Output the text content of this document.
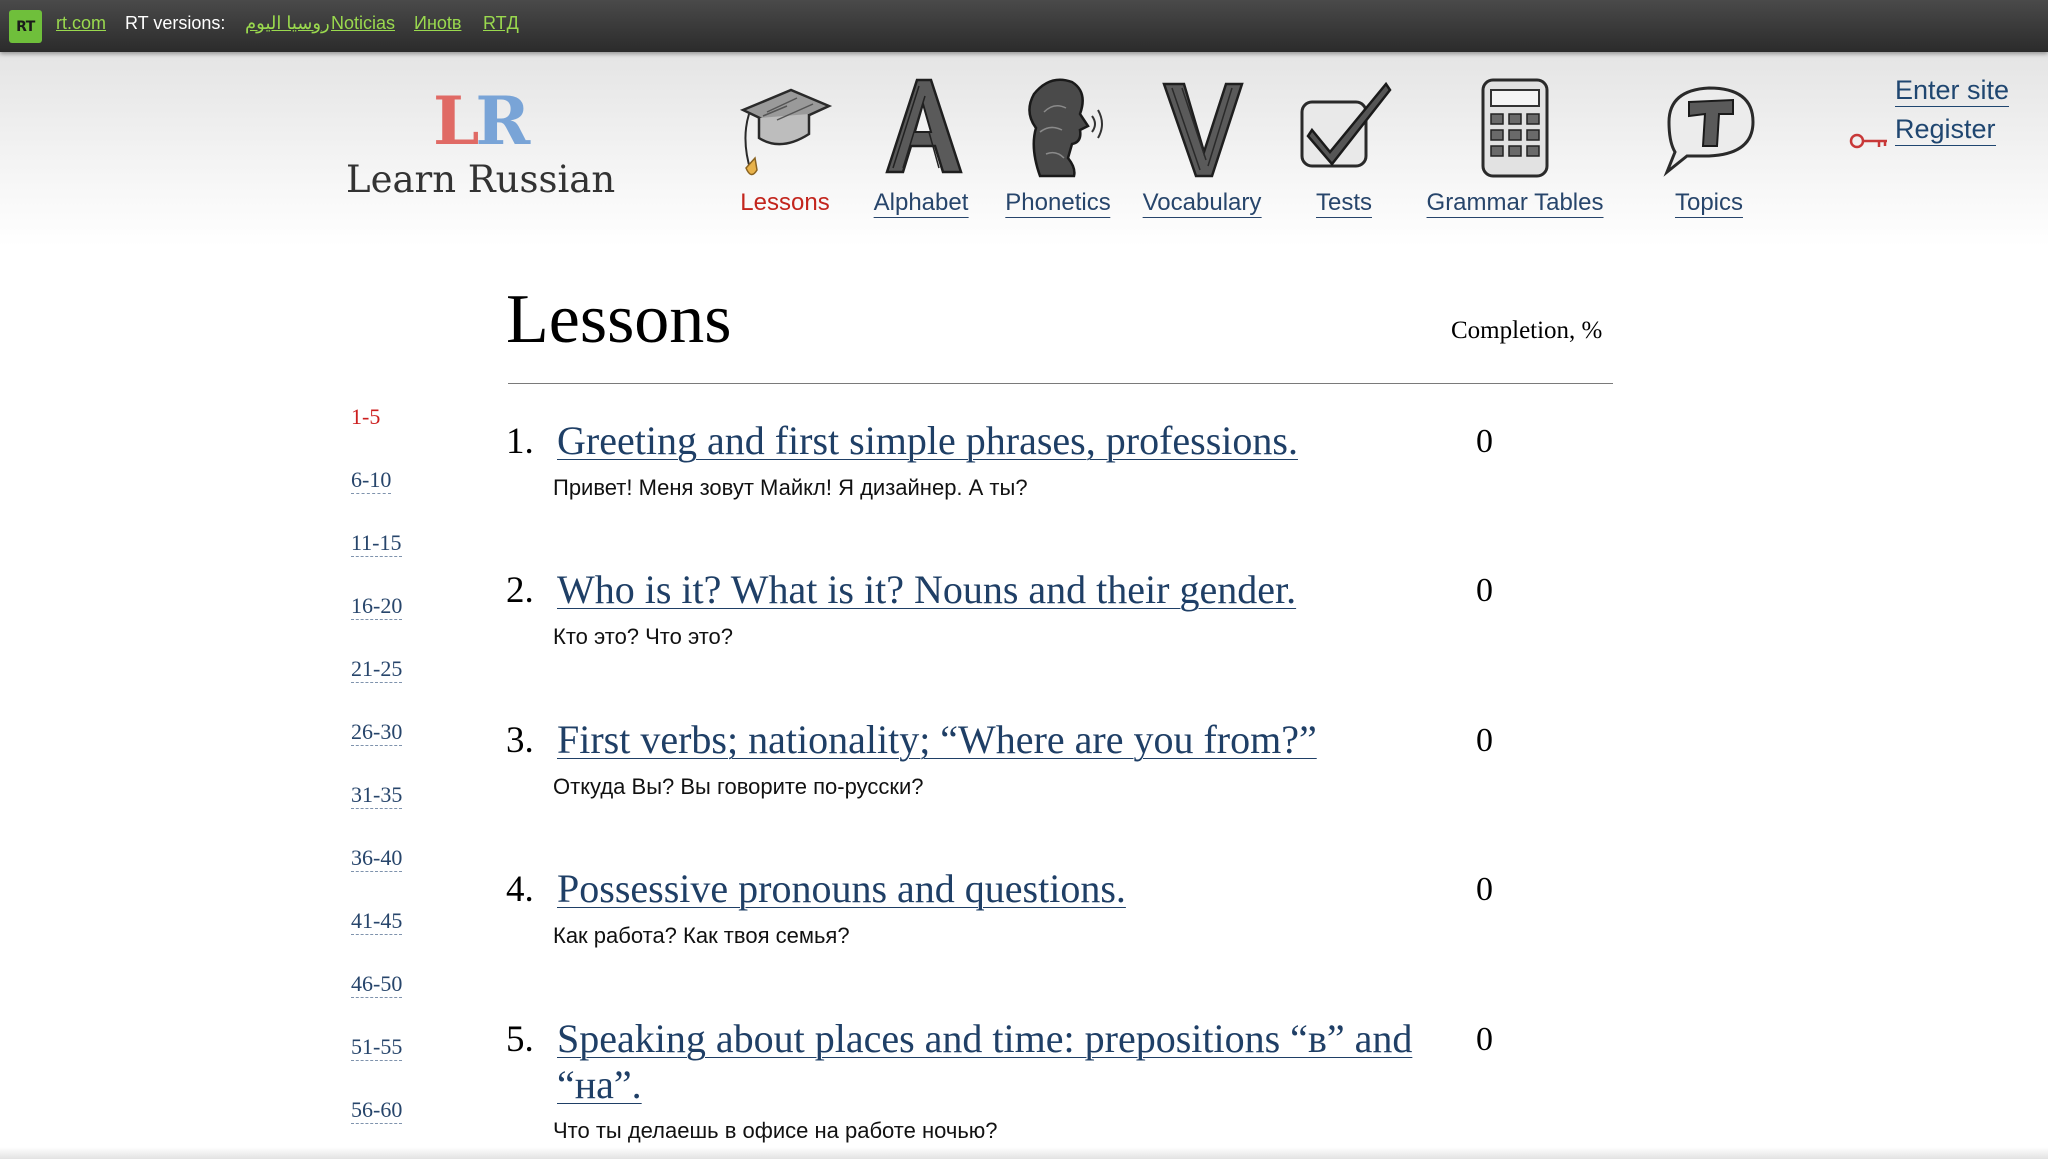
RT rt.com RT versions: روسيا اليوم Noticias Иноtв RTД
LR
Learn Russian
Lessons Alphabet Phonetics Vocabulary Tests Grammar Tables	Topics
Enter site
Register
1-5
6-10
11-15
16-20
21-25
26-30
31-35
36-40
41-45
46-50
51-55
56-60
Lessons	Completion, %
1. Greeting and first simple phrases, professions.
Привет! Меня зовут Майкл! Я дизайнер. А ты?
0
2. Who is it? What is it? Nouns and their gender.
Кто это? Что это?
0
3. First verbs; nationality; “Where are you from?”
Откуда Вы? Вы говорите по-русски?
0
4. Possessive pronouns and questions.
Как работа? Как твоя семья?
0
5. Speaking about places and time: prepositions “в” and “на”.
Что ты делаешь в офисе на работе ночью?
0
